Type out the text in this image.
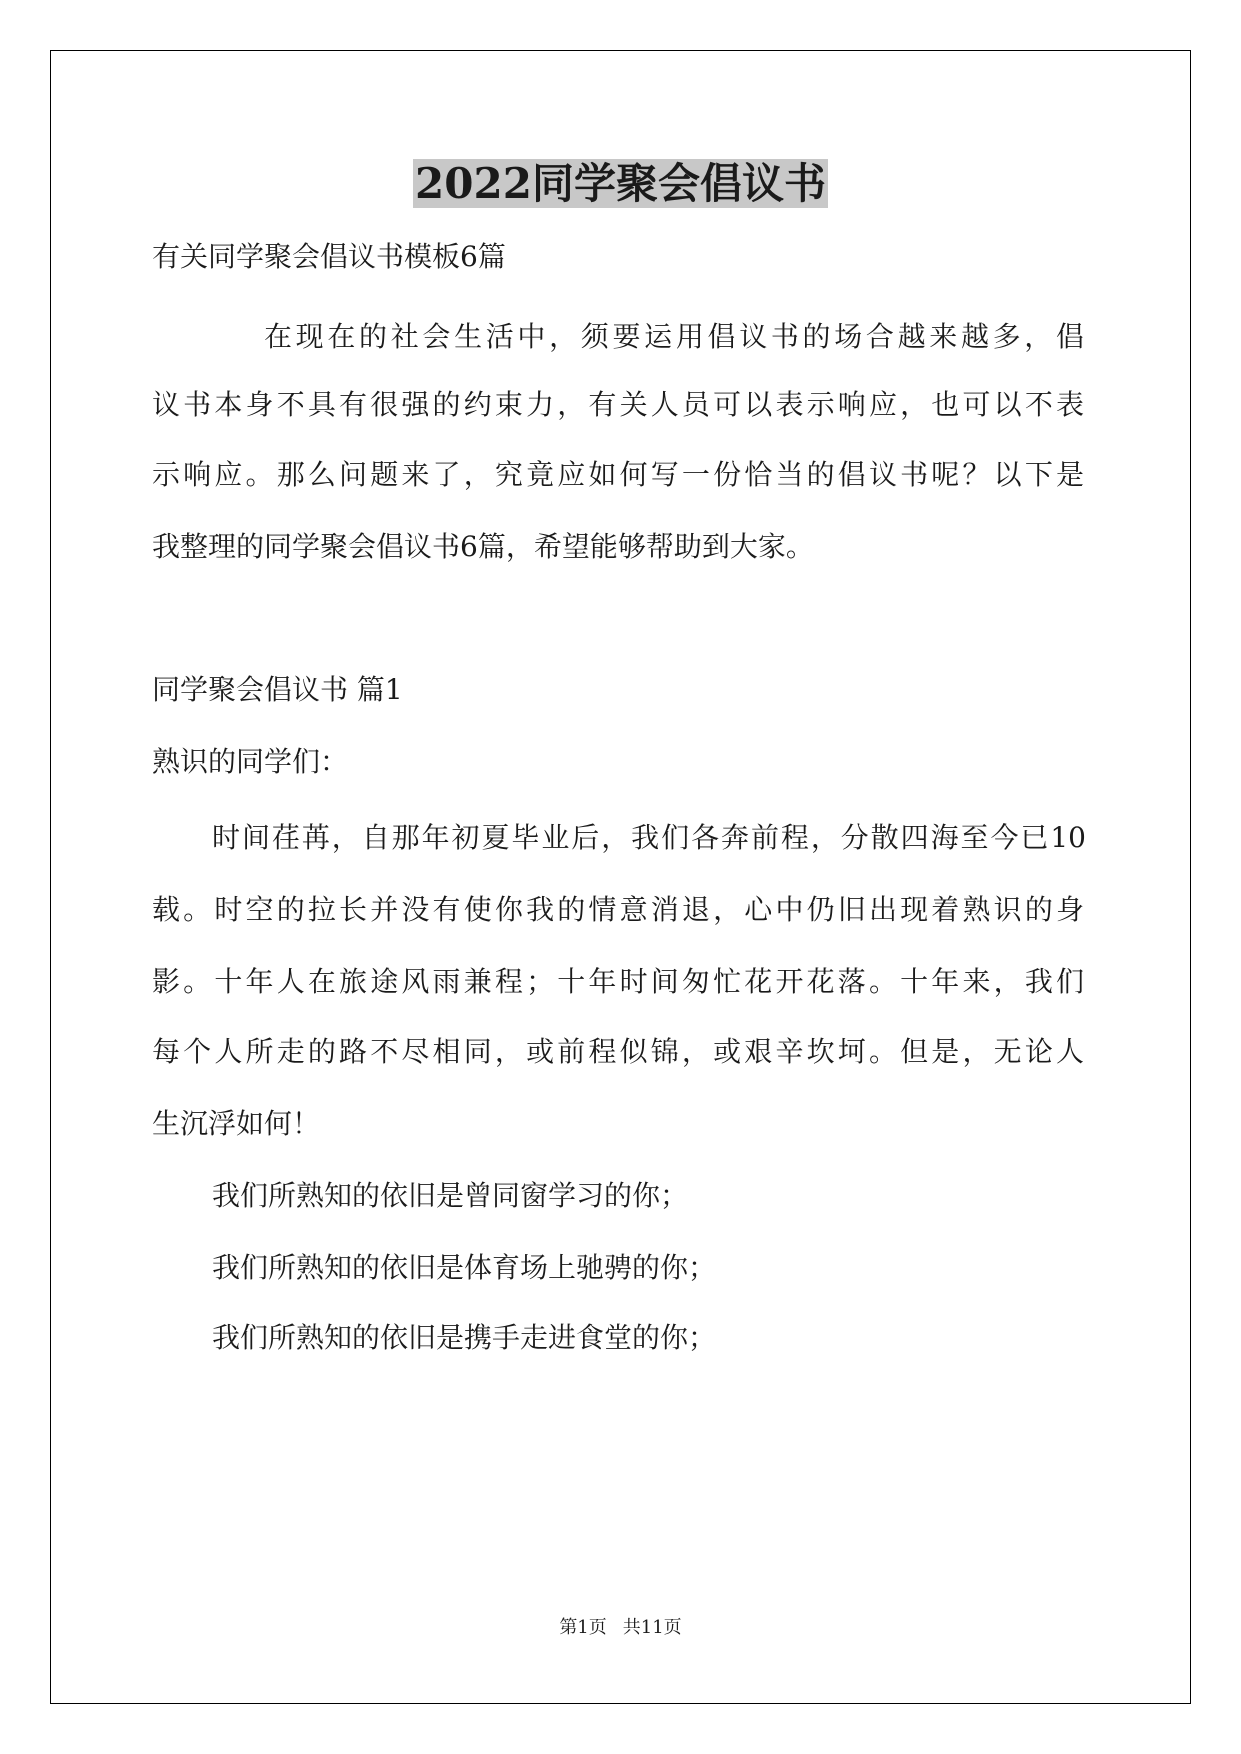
2022同学聚会倡议书
有关同学聚会倡议书模板6篇
在现在的社会生活中，须要运用倡议书的场合越来越多，倡
议书本身不具有很强的约束力，有关人员可以表示响应，也可以不表
示响应。那么问题来了，究竟应如何写一份恰当的倡议书呢？以下是
我整理的同学聚会倡议书6篇，希望能够帮助到大家。
同学聚会倡议书 篇1
熟识的同学们：
时间荏苒，自那年初夏毕业后，我们各奔前程，分散四海至今已10
载。时空的拉长并没有使你我的情意消退，心中仍旧出现着熟识的身
影。十年人在旅途风雨兼程；十年时间匆忙花开花落。十年来，我们
每个人所走的路不尽相同，或前程似锦，或艰辛坎坷。但是，无论人
生沉浮如何！
我们所熟知的依旧是曾同窗学习的你；
我们所熟知的依旧是体育场上驰骋的你；
我们所熟知的依旧是携手走进食堂的你；
第1页 共11页
